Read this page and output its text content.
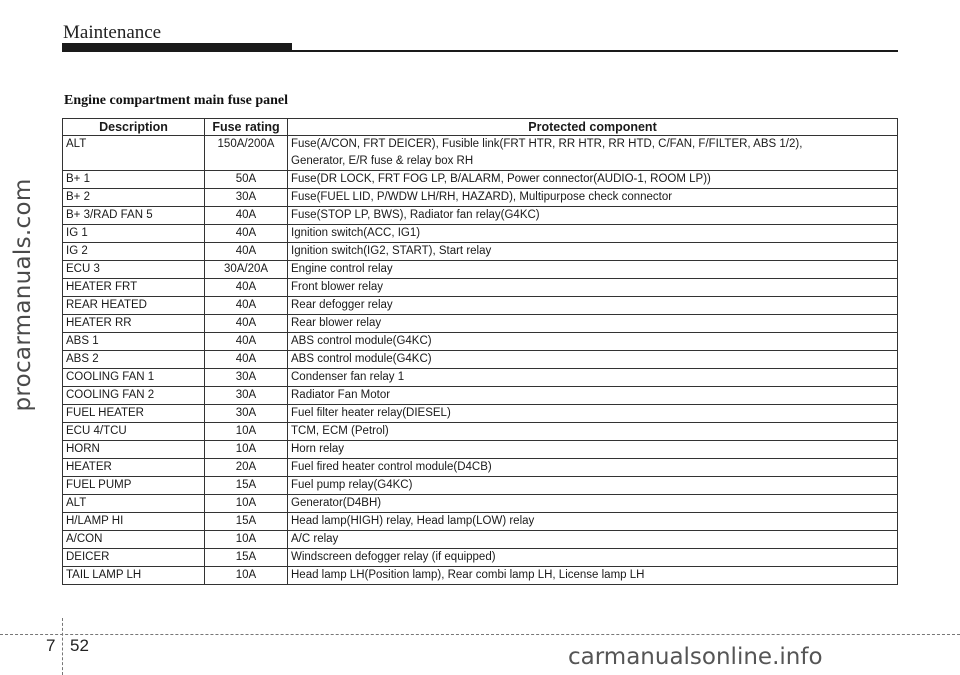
Maintenance
Engine compartment main fuse panel
Description	Fuse rating	Protected component
ALT	150A/200A	Fuse(A/CON, FRT DEICER), Fusible link(FRT HTR, RR HTR, RR HTD, C/FAN, F/FILTER, ABS 1/2),
Generator, E/R fuse & relay box RH
B+ 1	50A	Fuse(DR LOCK, FRT FOG LP, B/ALARM, Power connector(AUDIO-1, ROOM LP))
B+ 2	30A	Fuse(FUEL LID, P/WDW LH/RH, HAZARD), Multipurpose check connector
B+ 3/RAD FAN 5	40A	Fuse(STOP LP, BWS), Radiator fan relay(G4KC)
IG 1	40A	Ignition switch(ACC, IG1)
IG 2	40A	Ignition switch(IG2, START), Start relay
ECU 3	30A/20A	Engine control relay
HEATER FRT	40A	Front blower relay
REAR HEATED	40A	Rear defogger relay
HEATER RR	40A	Rear blower relay
ABS 1	40A	ABS control module(G4KC)
ABS 2	40A	ABS control module(G4KC)
COOLING FAN 1	30A	Condenser fan relay 1
COOLING FAN 2	30A	Radiator Fan Motor
FUEL HEATER	30A	Fuel filter heater relay(DIESEL)
ECU 4/TCU	10A	TCM, ECM (Petrol)
HORN	10A	Horn relay
HEATER	20A	Fuel fired heater control module(D4CB)
FUEL PUMP	15A	Fuel pump relay(G4KC)
ALT	10A	Generator(D4BH)
H/LAMP HI	15A	Head lamp(HIGH) relay, Head lamp(LOW) relay
A/CON	10A	A/C relay
DEICER	15A	Windscreen defogger relay (if equipped)
TAIL LAMP LH	10A	Head lamp LH(Position lamp), Rear combi lamp LH, License lamp LH
procarmanuals.com
7 52	carmanualsonline.info
